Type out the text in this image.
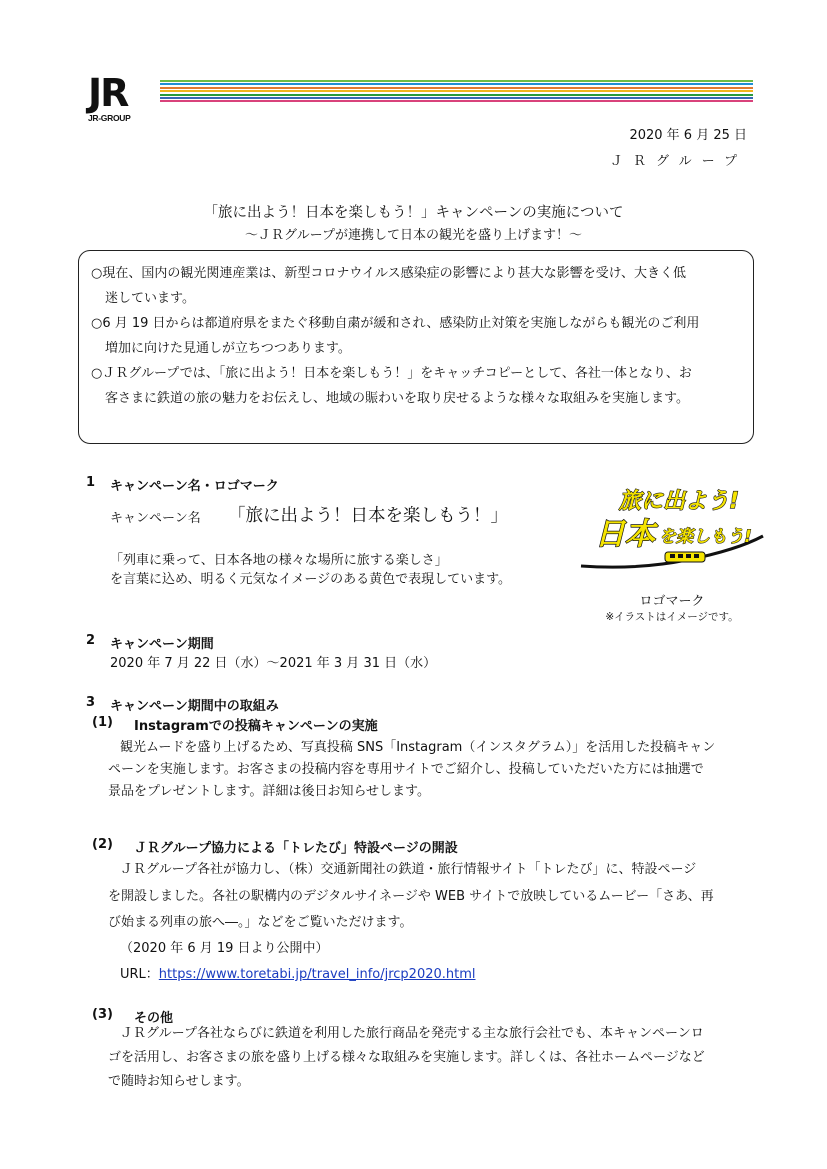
JR
JR-GROUP
2020 年 6 月 25 日
ＪＲグループ
「旅に出よう！日本を楽しもう！」キャンペーンの実施について
～ＪＲグループが連携して日本の観光を盛り上げます！～
○現在、国内の観光関連産業は、新型コロナウイルス感染症の影響により甚大な影響を受け、大きく低
迷しています。
○6 月 19 日からは都道府県をまたぐ移動自粛が緩和され、感染防止対策を実施しながらも観光のご利用
増加に向けた見通しが立ちつつあります。
○ＪＲグループでは、「旅に出よう！日本を楽しもう！」をキャッチコピーとして、各社一体となり、お
客さまに鉄道の旅の魅力をお伝えし、地域の賑わいを取り戻せるような様々な取組みを実施します。
1 キャンペーン名・ロゴマーク
キャンペーン名 「旅に出よう！日本を楽しもう！」
「列車に乗って、日本各地の様々な場所に旅する楽しさ」
を言葉に込め、明るく元気なイメージのある黄色で表現しています。
旅に出よう!
日本 を楽しもう!
ロゴマーク
※イラストはイメージです。
2 キャンペーン期間
2020 年 7 月 22 日（水）～2021 年 3 月 31 日（水）
3 キャンペーン期間中の取組み
(1) Instagramでの投稿キャンペーンの実施
観光ムードを盛り上げるため、写真投稿 SNS「Instagram（インスタグラム）」を活用した投稿キャン
ペーンを実施します。お客さまの投稿内容を専用サイトでご紹介し、投稿していただいた方には抽選で
景品をプレゼントします。詳細は後日お知らせします。
(2) ＪＲグループ協力による「トレたび」特設ページの開設
ＪＲグループ各社が協力し、（株）交通新聞社の鉄道・旅行情報サイト「トレたび」に、特設ページ
を開設しました。各社の駅構内のデジタルサイネージや WEB サイトで放映しているムービー「さあ、再
び始まる列車の旅へ―。」などをご覧いただけます。
（2020 年 6 月 19 日より公開中）
URL：https://www.toretabi.jp/travel_info/jrcp2020.html
(3) その他
ＪＲグループ各社ならびに鉄道を利用した旅行商品を発売する主な旅行会社でも、本キャンペーンロ
ゴを活用し、お客さまの旅を盛り上げる様々な取組みを実施します。詳しくは、各社ホームページなど
で随時お知らせします。
